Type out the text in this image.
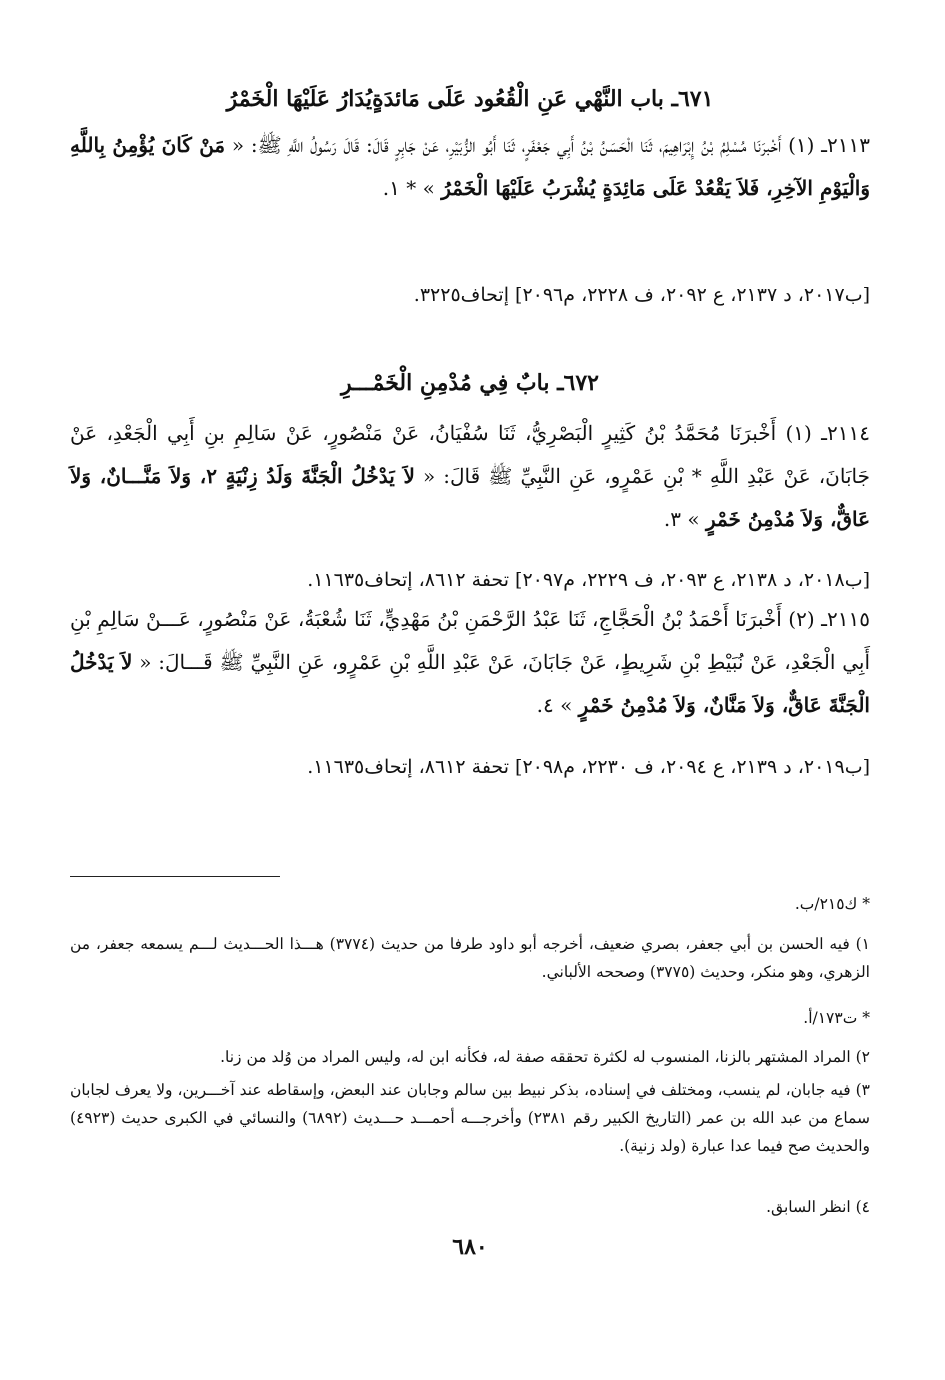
٦٧١ـ باب النَّهْي عَنِ الْقُعُود عَلَى مَائدَةٍيُدَارُ عَلَيْهَا الْخَمْرُ
٢١١٣ـ (١) أَخْبرَنَا مُسْلِمُ بْنُ إِبْرَاهِيمَ، ثَنَا الْحَسَنُ بْنُ أَبِي جَعْفَرٍ، ثَنَا أَبُو الزُّبَيْرِ، عَنْ جَابِرٍ قَالَ: قَالَ رَسُولُ اللَّهِ ﷺ: « مَنْ كَانَ يُؤْمِنُ بِاللَّهِ وَالْيَوْمِ الآخِرِ، فَلاَ يَقْعُدْ عَلَى مَائِدَةٍ يُشْرَبُ عَلَيْهَا الْخَمْرُ » * ١.
[ب٢٠١٧، د ٢١٣٧، ع ٢٠٩٢، ف ٢٢٢٨، م٢٠٩٦] إتحاف٣٢٢٥.
٦٧٢ـ بابٌ فِي مُدْمِنِ الْخَمْـــرِ
٢١١٤ـ (١) أَخْبرَنَا مُحَمَّدُ بْنُ كَثِيرٍ الْبَصْرِيُّ، ثَنَا سُفْيَانُ، عَنْ مَنْصُورٍ، عَنْ سَالِمِ بنِ أَبِي الْجَعْدِ، عَنْ جَابَانَ، عَنْ عَبْدِ اللَّهِ * بْنِ عَمْرٍو، عَنِ النَّبِيِّ ﷺ قَالَ: « لاَ يَدْخُلُ الْجَنَّةَ وَلَدُ زِنْيَةٍ ٢، وَلاَ مَنَّـــانٌ، وَلاَ عَاقٌّ، وَلاَ مُدْمِنُ خَمْرٍ » ٣.
[ب٢٠١٨، د ٢١٣٨، ع ٢٠٩٣، ف ٢٢٢٩، م٢٠٩٧] تحفة ٨٦١٢، إتحاف١١٦٣٥.
٢١١٥ـ (٢) أَخْبرَنَا أَحْمَدُ بْنُ الْحَجَّاجِ، ثَنَا عَبْدُ الرَّحْمَنِ بْنُ مَهْدِيٍّ، ثَنَا شُعْبَةُ، عَنْ مَنْصُورٍ، عَـــنْ سَالِمِ بْنِ أَبِي الْجَعْدِ، عَنْ نُبَيْطِ بْنِ شَرِيطٍ، عَنْ جَابَانَ، عَنْ عَبْدِ اللَّهِ بْنِ عَمْرٍو، عَنِ النَّبِيِّ ﷺ قَـــالَ: « لاَ يَدْخُلُ الْجَنَّةَ عَاقٌّ، وَلاَ مَنَّانٌ، وَلاَ مُدْمِنُ خَمْرٍ » ٤.
[ب٢٠١٩، د ٢١٣٩، ع ٢٠٩٤، ف ٢٢٣٠، م٢٠٩٨] تحفة ٨٦١٢، إتحاف١١٦٣٥.
* ك٢١٥/ب.
١) فيه الحسن بن أبي جعفر، بصري ضعيف، أخرجه أبو داود طرفا من حديث (٣٧٧٤) هـــذا الحـــديث لـــم يسمعه جعفر، من الزهري، وهو منكر، وحديث (٣٧٧٥) وصححه الألباني.
* ت١٧٣/أ.
٢) المراد المشتهر بالزنا، المنسوب له لكثرة تحققه صفة له، فكأنه ابن له، وليس المراد من وُلد من زنا.
٣) فيه جابان، لم ينسب، ومختلف في إسناده، بذكر نبيط بين سالم وجابان عند البعض، وإسقاطه عند آخـــرين، ولا يعرف لجابان سماع من عبد الله بن عمر (التاريخ الكبير رقم ٢٣٨١) وأخرجـــه أحمـــد حـــديث (٦٨٩٢) والنسائي في الكبرى حديث (٤٩٢٣) والحديث صح فيما عدا عبارة (ولد زنية).
٤) انظر السابق.
٦٨٠
